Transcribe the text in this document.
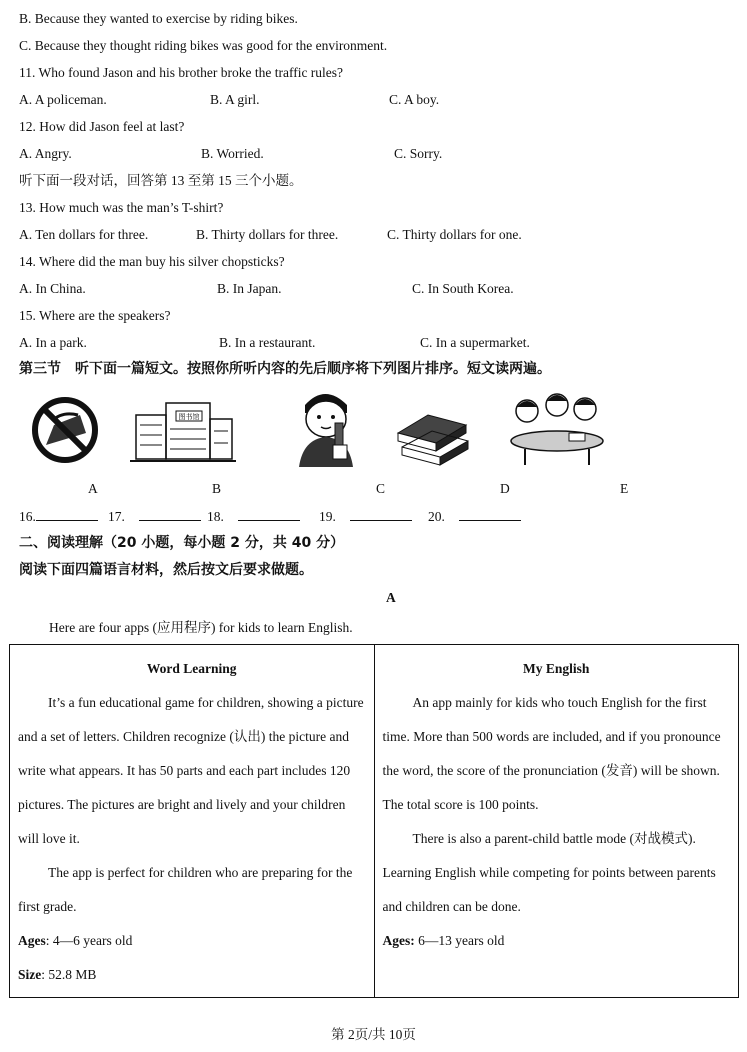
B. Because they wanted to exercise by riding bikes.
C. Because they thought riding bikes was good for the environment.
11. Who found Jason and his brother broke the traffic rules?
A. A policeman.	B. A girl.	C. A boy.
12. How did Jason feel at last?
A. Angry.	B. Worried.	C. Sorry.
听下面一段对话，回答第 13 至第 15 三个小题。
13. How much was the man’s T-shirt?
A. Ten dollars for three.	B. Thirty dollars for three.	C. Thirty dollars for one.
14. Where did the man buy his silver chopsticks?
A. In China.	B. In Japan.	C. In South Korea.
15. Where are the speakers?
A. In a park.	B. In a restaurant.	C. In a supermarket.
第三节　听下面一篇短文。按照你所听内容的先后顺序将下列图片排序。短文读两遍。
图书馆
A	B	C	D	E
16.	17.	18.	19.	20.
二、阅读理解（20 小题，每小题 2 分，共 40 分）
阅读下面四篇语言材料，然后按文后要求做题。
A
Here are four apps (应用程序) for kids to learn English.
Word Learning
It’s a fun educational game for children, showing a picture and a set of letters. Children recognize (认出) the picture and write what appears. It has 50 parts and each part includes 120 pictures. The pictures are bright and lively and your children will love it.
The app is perfect for children who are preparing for the first grade.
Ages: 4—6 years old
Size: 52.8 MB

My English
An app mainly for kids who touch English for the first time. More than 500 words are included, and if you pronounce the word, the score of the pronunciation (发音) will be shown. The total score is 100 points.
There is also a parent-child battle mode (对战模式). Learning English while competing for points between parents and children can be done.
Ages: 6—13 years old
第 2页/共 10页
